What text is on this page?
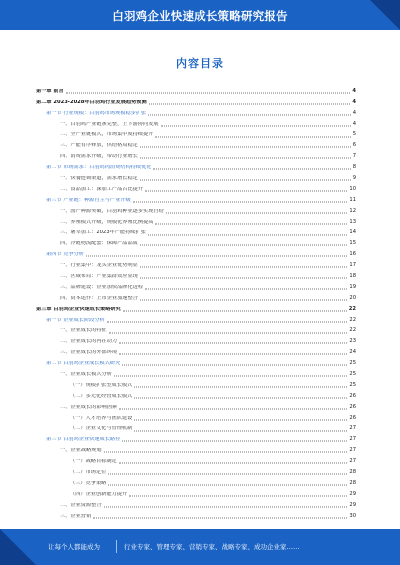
白羽鸡企业快速成长策略研究报告
内容目录
第一章 前言	4
第二章 2023-2028年白羽鸡行业发展趋势预测	4
第一节 行业规模：白羽鸡市场规模稳步扩张	4
一、白羽鸡产业链条完整，上下游协同发展	4
二、全产业链模式，市场集中度持续提升	5
三、产能有序释放，供给格局稳定	6
四、消费需求升级，带动行业增长	7
第二节 市场需求：白羽鸡肉消费结构持续优化	8
一、快餐连锁渠道，需求增长稳定	9
二、食品加工：深加工产品占比提升	10
第三节 产业链：种源自主与产业升级	11
一、国产种源突破，白羽鸡种业逐步实现自给	12
二、养殖模式升级，规模化养殖比例提高	13
三、屠宰加工：2023年产能持续扩张	14
四、冷链物流配套：保障产品品质	15
第四节 竞争分析	16
一、行业集中：龙头企业优势明显	17
二、区域布局：产业集群效应显现	18
三、品牌建设：企业加快品牌化进程	19
四、资本运作：上市企业加速整合	20
第三章 白羽鸡企业快速成长策略研究	22
第一节 企业成长阶段分析	22
一、企业成长的特征	22
二、企业成长的内在动力	23
三、企业成长的外部环境	24
第二节 白羽鸡企业成长模式研究	25
一、企业成长模式分析	25
（一）规模扩张型成长模式	25
（二）多元化经营成长模式	26
二、企业成长的影响因素	26
（一）人才培养与团队建设	26
（二）企业文化与管理机制	27
第三节 白羽鸡企业快速成长路径	27
一、企业战略规划	27
（一）战略目标制定	27
（二）市场定位	28
（三）竞争策略	28
（四）企业创新能力提升	29
二、企业资源整合	29
三、企业营销	30
让每个人都能成为	行业专家、管理专家、营销专家、战略专家、成功企业家……
